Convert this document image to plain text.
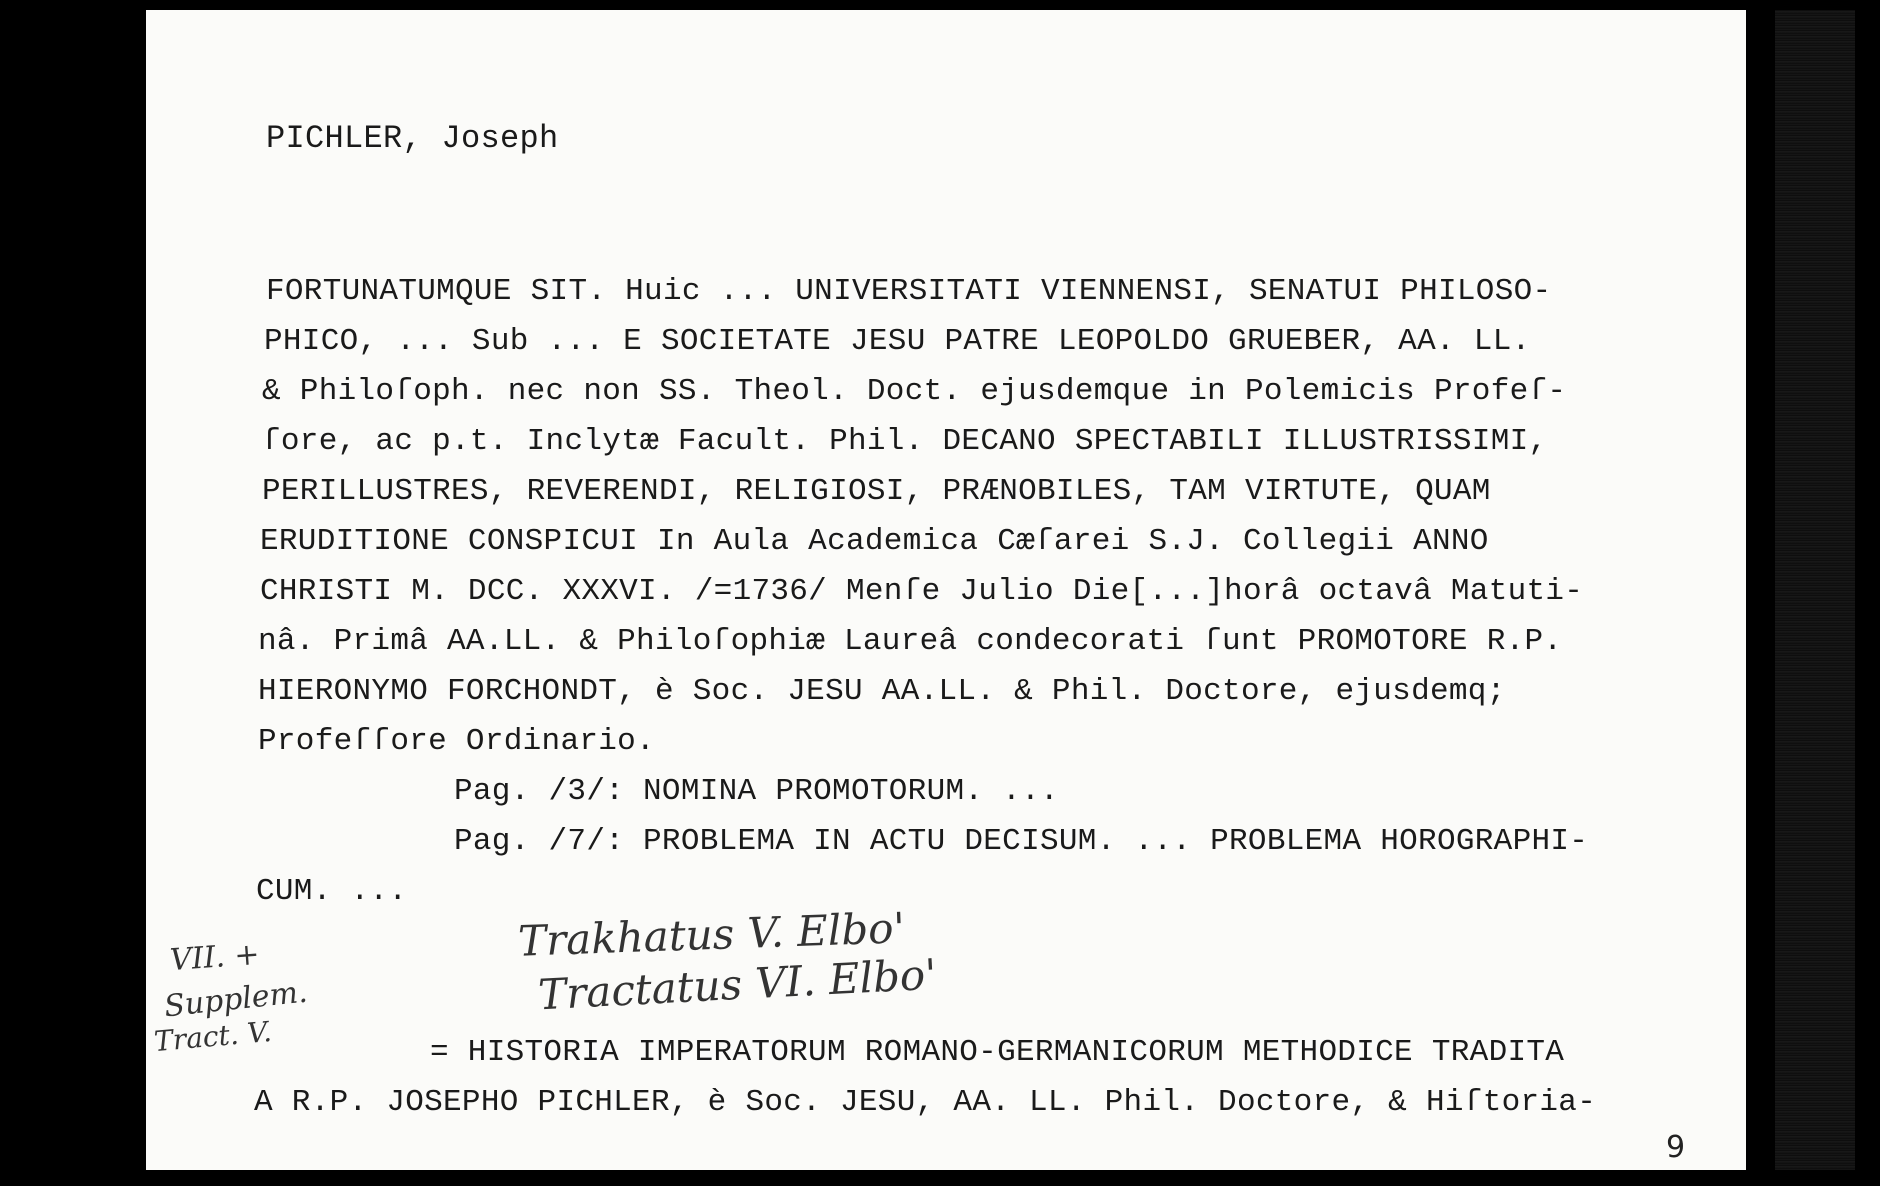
PICHLER, Joseph
FORTUNATUMQUE SIT. Huic ... UNIVERSITATI VIENNENSI, SENATUI PHILOSO-
PHICO, ... Sub ... E SOCIETATE JESU PATRE LEOPOLDO GRUEBER, AA. LL.
& Philoſoph. nec non SS. Theol. Doct. ejusdemque in Polemicis Profeſ-
ſore, ac p.t. Inclytæ Facult. Phil. DECANO SPECTABILI ILLUSTRISSIMI,
PERILLUSTRES, REVERENDI, RELIGIOSI, PRÆNOBILES, TAM VIRTUTE, QUAM
ERUDITIONE CONSPICUI In Aula Academica Cæſarei S.J. Collegii ANNO
CHRISTI M. DCC. XXXVI. /=1736/ Menſe Julio Die[...]horâ octavâ Matuti-
nâ. Primâ AA.LL. & Philoſophiæ Laureâ condecorati ſunt PROMOTORE R.P.
HIERONYMO FORCHONDT, è Soc. JESU AA.LL. & Phil. Doctore, ejusdemq;
Profeſſore Ordinario.
Pag. /3/: NOMINA PROMOTORUM. ...
Pag. /7/: PROBLEMA IN ACTU DECISUM. ... PROBLEMA HOROGRAPHI-
CUM. ...
Trakhatus V. Elbo'
Tractatus VI. Elbo'
VII. +
Supplem.
Tract. V.	= HISTORIA IMPERATORUM ROMANO-GERMANICORUM METHODICE TRADITA
A R.P. JOSEPHO PICHLER, è Soc. JESU, AA. LL. Phil. Doctore, & Hiſtoria-
9
